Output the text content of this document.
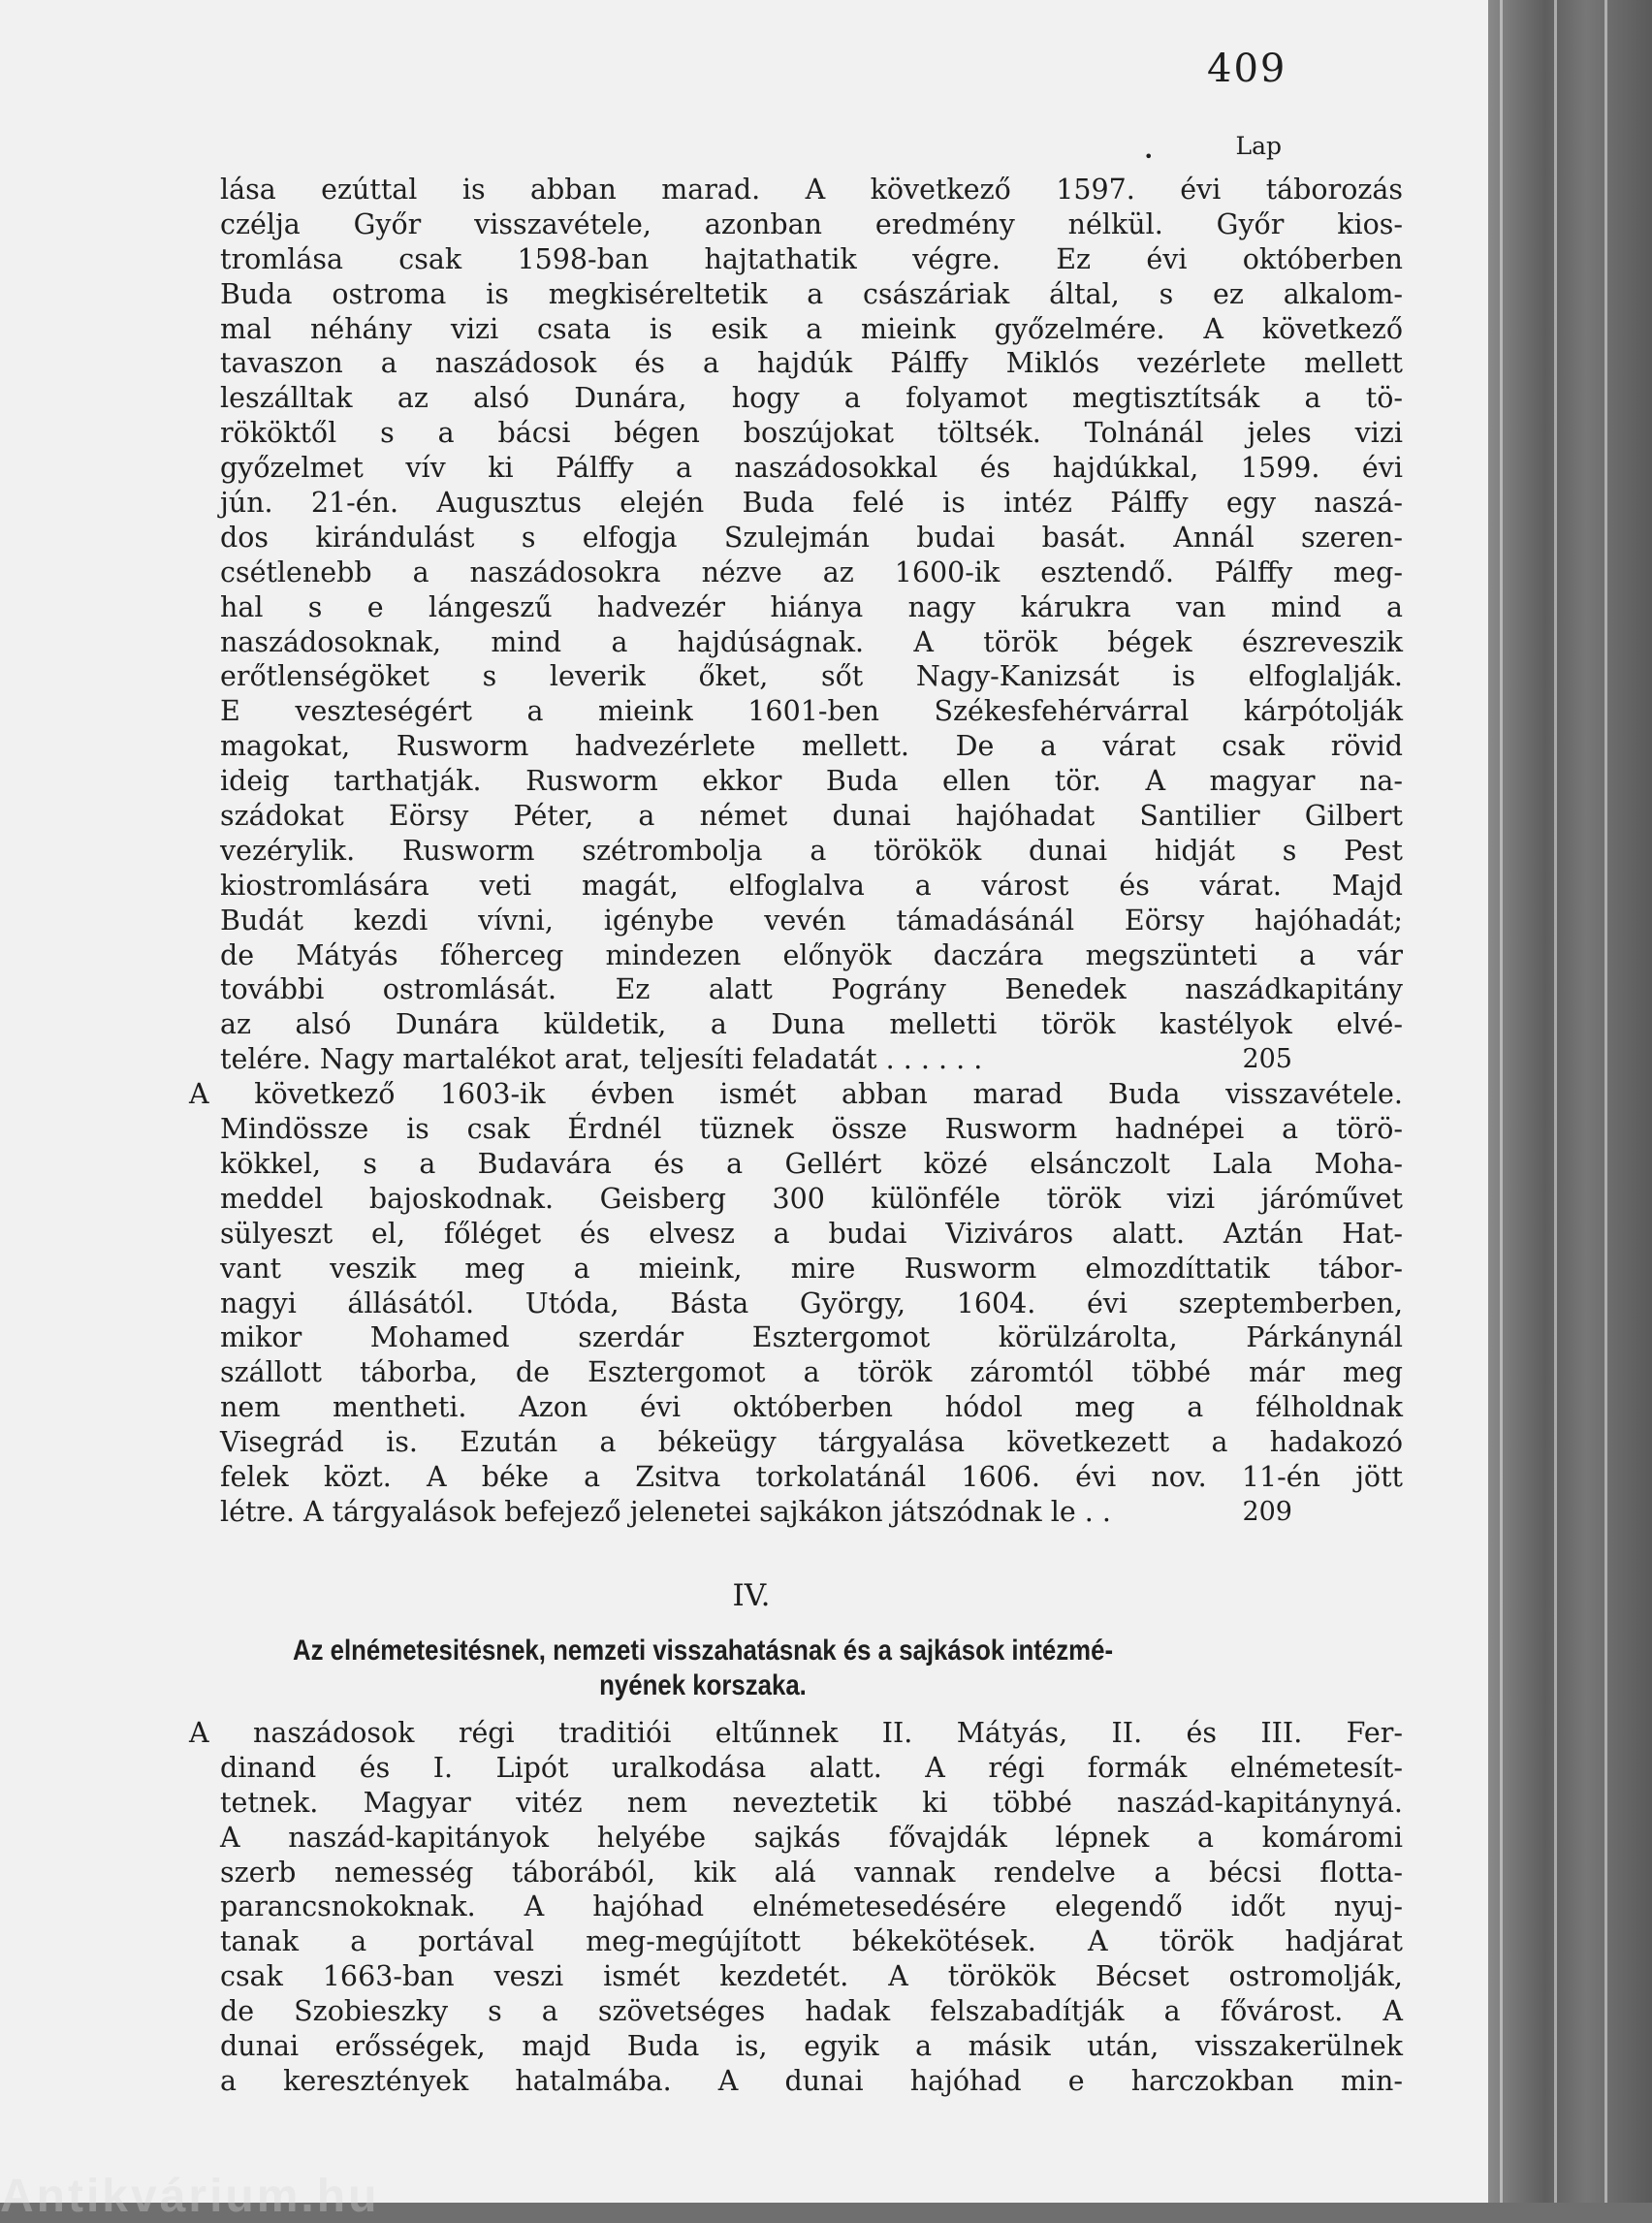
409
•	Lap
lása ezúttal is abban marad. A következő 1597. évi táborozás
czélja Győr visszavétele, azonban eredmény nélkül. Győr kios-
tromlása csak 1598-ban hajtathatik végre. Ez évi októberben
Buda ostroma is megkiséreltetik a császáriak által, s ez alkalom-
mal néhány vizi csata is esik a mieink győzelmére. A következő
tavaszon a naszádosok és a hajdúk Pálffy Miklós vezérlete mellett
leszálltak az alsó Dunára, hogy a folyamot megtisztítsák a tö-
rököktől s a bácsi bégen boszújokat töltsék. Tolnánál jeles vizi
győzelmet vív ki Pálffy a naszádosokkal és hajdúkkal, 1599. évi
jún. 21-én. Augusztus elején Buda felé is intéz Pálffy egy naszá-
dos kirándulást s elfogja Szulejmán budai basát. Annál szeren-
csétlenebb a naszádosokra nézve az 1600-ik esztendő. Pálffy meg-
hal s e lángeszű hadvezér hiánya nagy kárukra van mind a
naszádosoknak, mind a hajdúságnak. A török bégek észreveszik
erőtlenségöket s leverik őket, sőt Nagy-Kanizsát is elfoglalják.
E veszteségért a mieink 1601-ben Székesfehérvárral kárpótolják
magokat, Rusworm hadvezérlete mellett. De a várat csak rövid
ideig tarthatják. Rusworm ekkor Buda ellen tör. A magyar na-
szádokat Eörsy Péter, a német dunai hajóhadat Santilier Gilbert
vezérylik. Rusworm szétrombolja a törökök dunai hidját s Pest
kiostromlására veti magát, elfoglalva a várost és várat. Majd
Budát kezdi vívni, igénybe vevén támadásánál Eörsy hajóhadát;
de Mátyás főherceg mindezen előnyök daczára megszünteti a vár
további ostromlását. Ez alatt Pográny Benedek naszádkapitány
az alsó Dunára küldetik, a Duna melletti török kastélyok elvé-
telére. Nagy martalékot arat, teljesíti feladatát . . . . . .	205
A következő 1603-ik évben ismét abban marad Buda visszavétele.
Mindössze is csak Érdnél tüznek össze Rusworm hadnépei a törö-
kökkel, s a Budavára és a Gellért közé elsánczolt Lala Moha-
meddel bajoskodnak. Geisberg 300 különféle török vizi járóművet
sülyeszt el, főléget és elvesz a budai Viziváros alatt. Aztán Hat-
vant veszik meg a mieink, mire Rusworm elmozdíttatik tábor-
nagyi állásától. Utóda, Básta György, 1604. évi szeptemberben,
mikor Mohamed szerdár Esztergomot körülzárolta, Párkánynál
szállott táborba, de Esztergomot a török záromtól többé már meg
nem mentheti. Azon évi októberben hódol meg a félholdnak
Visegrád is. Ezután a békeügy tárgyalása következett a hadakozó
felek közt. A béke a Zsitva torkolatánál 1606. évi nov. 11-én jött
létre. A tárgyalások befejező jelenetei sajkákon játszódnak le . .	209
IV.
Az elnémetesitésnek, nemzeti visszahatásnak és a sajkások intézmé-
nyének korszaka.
A naszádosok régi traditiói eltűnnek II. Mátyás, II. és III. Fer-
dinand és I. Lipót uralkodása alatt. A régi formák elnémetesít-
tetnek. Magyar vitéz nem neveztetik ki többé naszád-kapitánynyá.
A naszád-kapitányok helyébe sajkás fővajdák lépnek a komáromi
szerb nemesség táborából, kik alá vannak rendelve a bécsi flotta-
parancsnokoknak. A hajóhad elnémetesedésére elegendő időt nyuj-
tanak a portával meg-megújított békekötések. A török hadjárat
csak 1663-ban veszi ismét kezdetét. A törökök Bécset ostromolják,
de Szobieszky s a szövetséges hadak felszabadítják a fővárost. A
dunai erősségek, majd Buda is, egyik a másik után, visszakerülnek
a keresztények hatalmába. A dunai hajóhad e harczokban min-
Antikvárium.hu
